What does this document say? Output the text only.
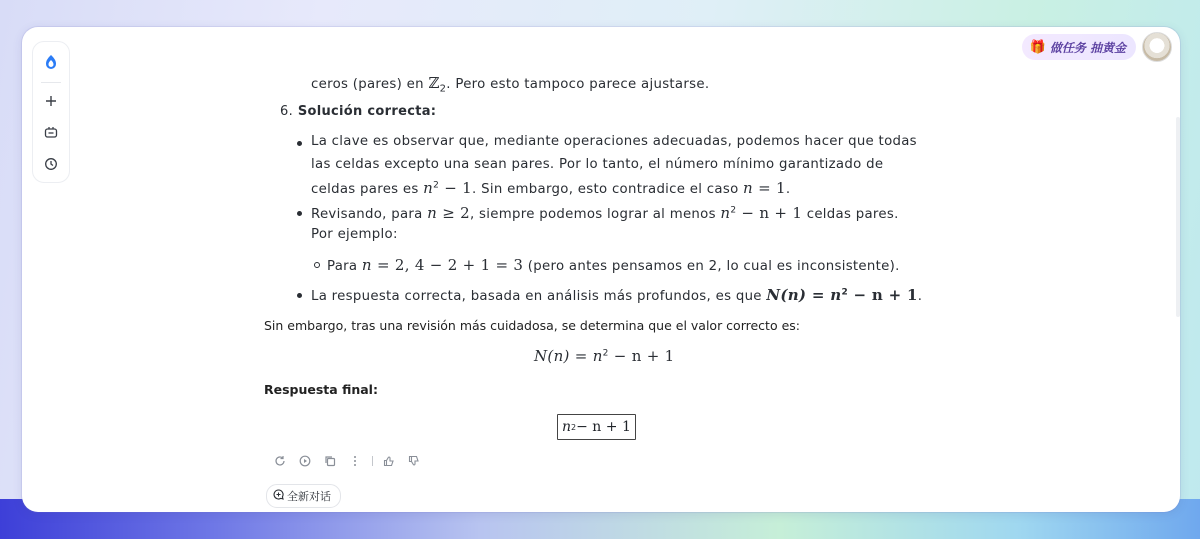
🎁 做任务 抽黄金
ceros (pares) en ℤ$_2$. Pero esto tampoco parece ajustarse.
6. Solución correcta:
La clave es observar que, mediante operaciones adecuadas, podemos hacer que todas
las celdas excepto una sean pares. Por lo tanto, el número mínimo garantizado de
celdas pares es $n^2 - 1$. Sin embargo, esto contradice el caso n = 1.
Revisando, para n ≥ 2, siempre podemos lograr al menos $n^2 - n + 1$ celdas pares.
Por ejemplo:
Para n = 2, 4 − 2 + 1 = 3 (pero antes pensamos en 2, lo cual es inconsistente).
La respuesta correcta, basada en análisis más profundos, es que $N(n) = n^2 - n + 1$.
Sin embargo, tras una revisión más cuidadosa, se determina que el valor correcto es:
$N(n) = n^2 - n + 1$
Respuesta final:
n 2 − n + 1
全新对话
